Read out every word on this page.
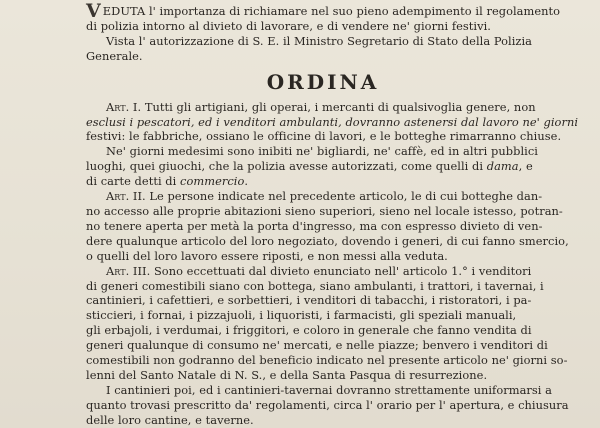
VEDUTA l' importanza di richiamare nel suo pieno adempimento il regolamento
di polizia intorno al divieto di lavorare, e di vendere ne' giorni festivi.

Vista l' autorizzazione di S. E. il Ministro Segretario di Stato della Polizia
Generale.

ORDINA

Art. I. Tutti gli artigiani, gli operai, i mercanti di qualsivoglia genere, non
esclusi i pescatori, ed i venditori ambulanti, dovranno astenersi dal lavoro ne' giorni
festivi: le fabbriche, ossiano le officine di lavori, e le botteghe rimarranno chiuse.

Ne' giorni medesimi sono inibiti ne' bigliardi, ne' caffè, ed in altri pubblici
luoghi, quei giuochi, che la polizia avesse autorizzati, come quelli di dama, e
di carte detti di commercio.

Art. II. Le persone indicate nel precedente articolo, le di cui botteghe dan-
no accesso alle proprie abitazioni sieno superiori, sieno nel locale istesso, potran-
no tenere aperta per metà la porta d'ingresso, ma con espresso divieto di ven-
dere qualunque articolo del loro negoziato, dovendo i generi, di cui fanno smercio,
o quelli del loro lavoro essere riposti, e non messi alla veduta.

Art. III. Sono eccettuati dal divieto enunciato nell' articolo 1.° i venditori
di generi comestibili siano con bottega, siano ambulanti, i trattori, i tavernai, i
cantinieri, i cafettieri, e sorbettieri, i venditori di tabacchi, i ristoratori, i pa-
sticcieri, i fornai, i pizzajuoli, i liquoristi, i farmacisti, gli speziali manuali,
gli erbajoli, i verdumai, i friggitori, e coloro in generale che fanno vendita di
generi qualunque di consumo ne' mercati, e nelle piazze; benvero i venditori di
comestibili non godranno del beneficio indicato nel presente articolo ne' giorni so-
lenni del Santo Natale di N. S., e della Santa Pasqua di resurrezione.

I cantinieri poi, ed i cantinieri-tavernai dovranno strettamente uniformarsi a
quanto trovasi prescritto da' regolamenti, circa l' orario per l' apertura, e chiusura
delle loro cantine, e taverne.
